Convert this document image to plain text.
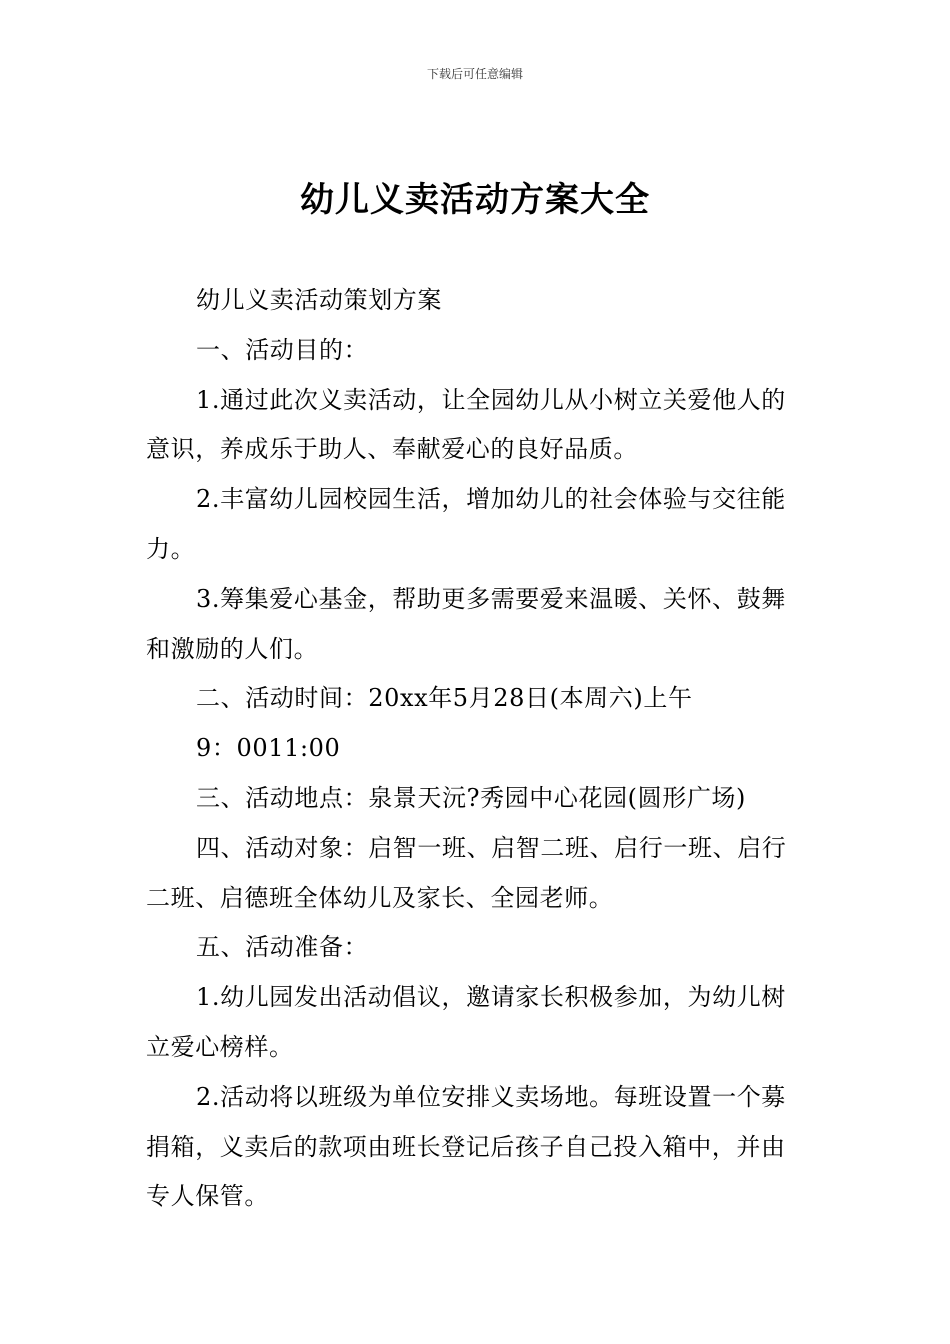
下载后可任意编辑
幼儿义卖活动方案大全

幼儿义卖活动策划方案

一、活动目的：

1.通过此次义卖活动，让全园幼儿从小树立关爱他人的意识，养成乐于助人、奉献爱心的良好品质。

2.丰富幼儿园校园生活，增加幼儿的社会体验与交往能力。

3.筹集爱心基金，帮助更多需要爱来温暖、关怀、鼓舞和激励的人们。

二、活动时间：20xx年5月28日(本周六)上午

9：0011:00

三、活动地点：泉景天沅?秀园中心花园(圆形广场)

四、活动对象：启智一班、启智二班、启行一班、启行二班、启德班全体幼儿及家长、全园老师。

五、活动准备：

1.幼儿园发出活动倡议，邀请家长积极参加，为幼儿树立爱心榜样。

2.活动将以班级为单位安排义卖场地。每班设置一个募捐箱，义卖后的款项由班长登记后孩子自己投入箱中，并由专人保管。
